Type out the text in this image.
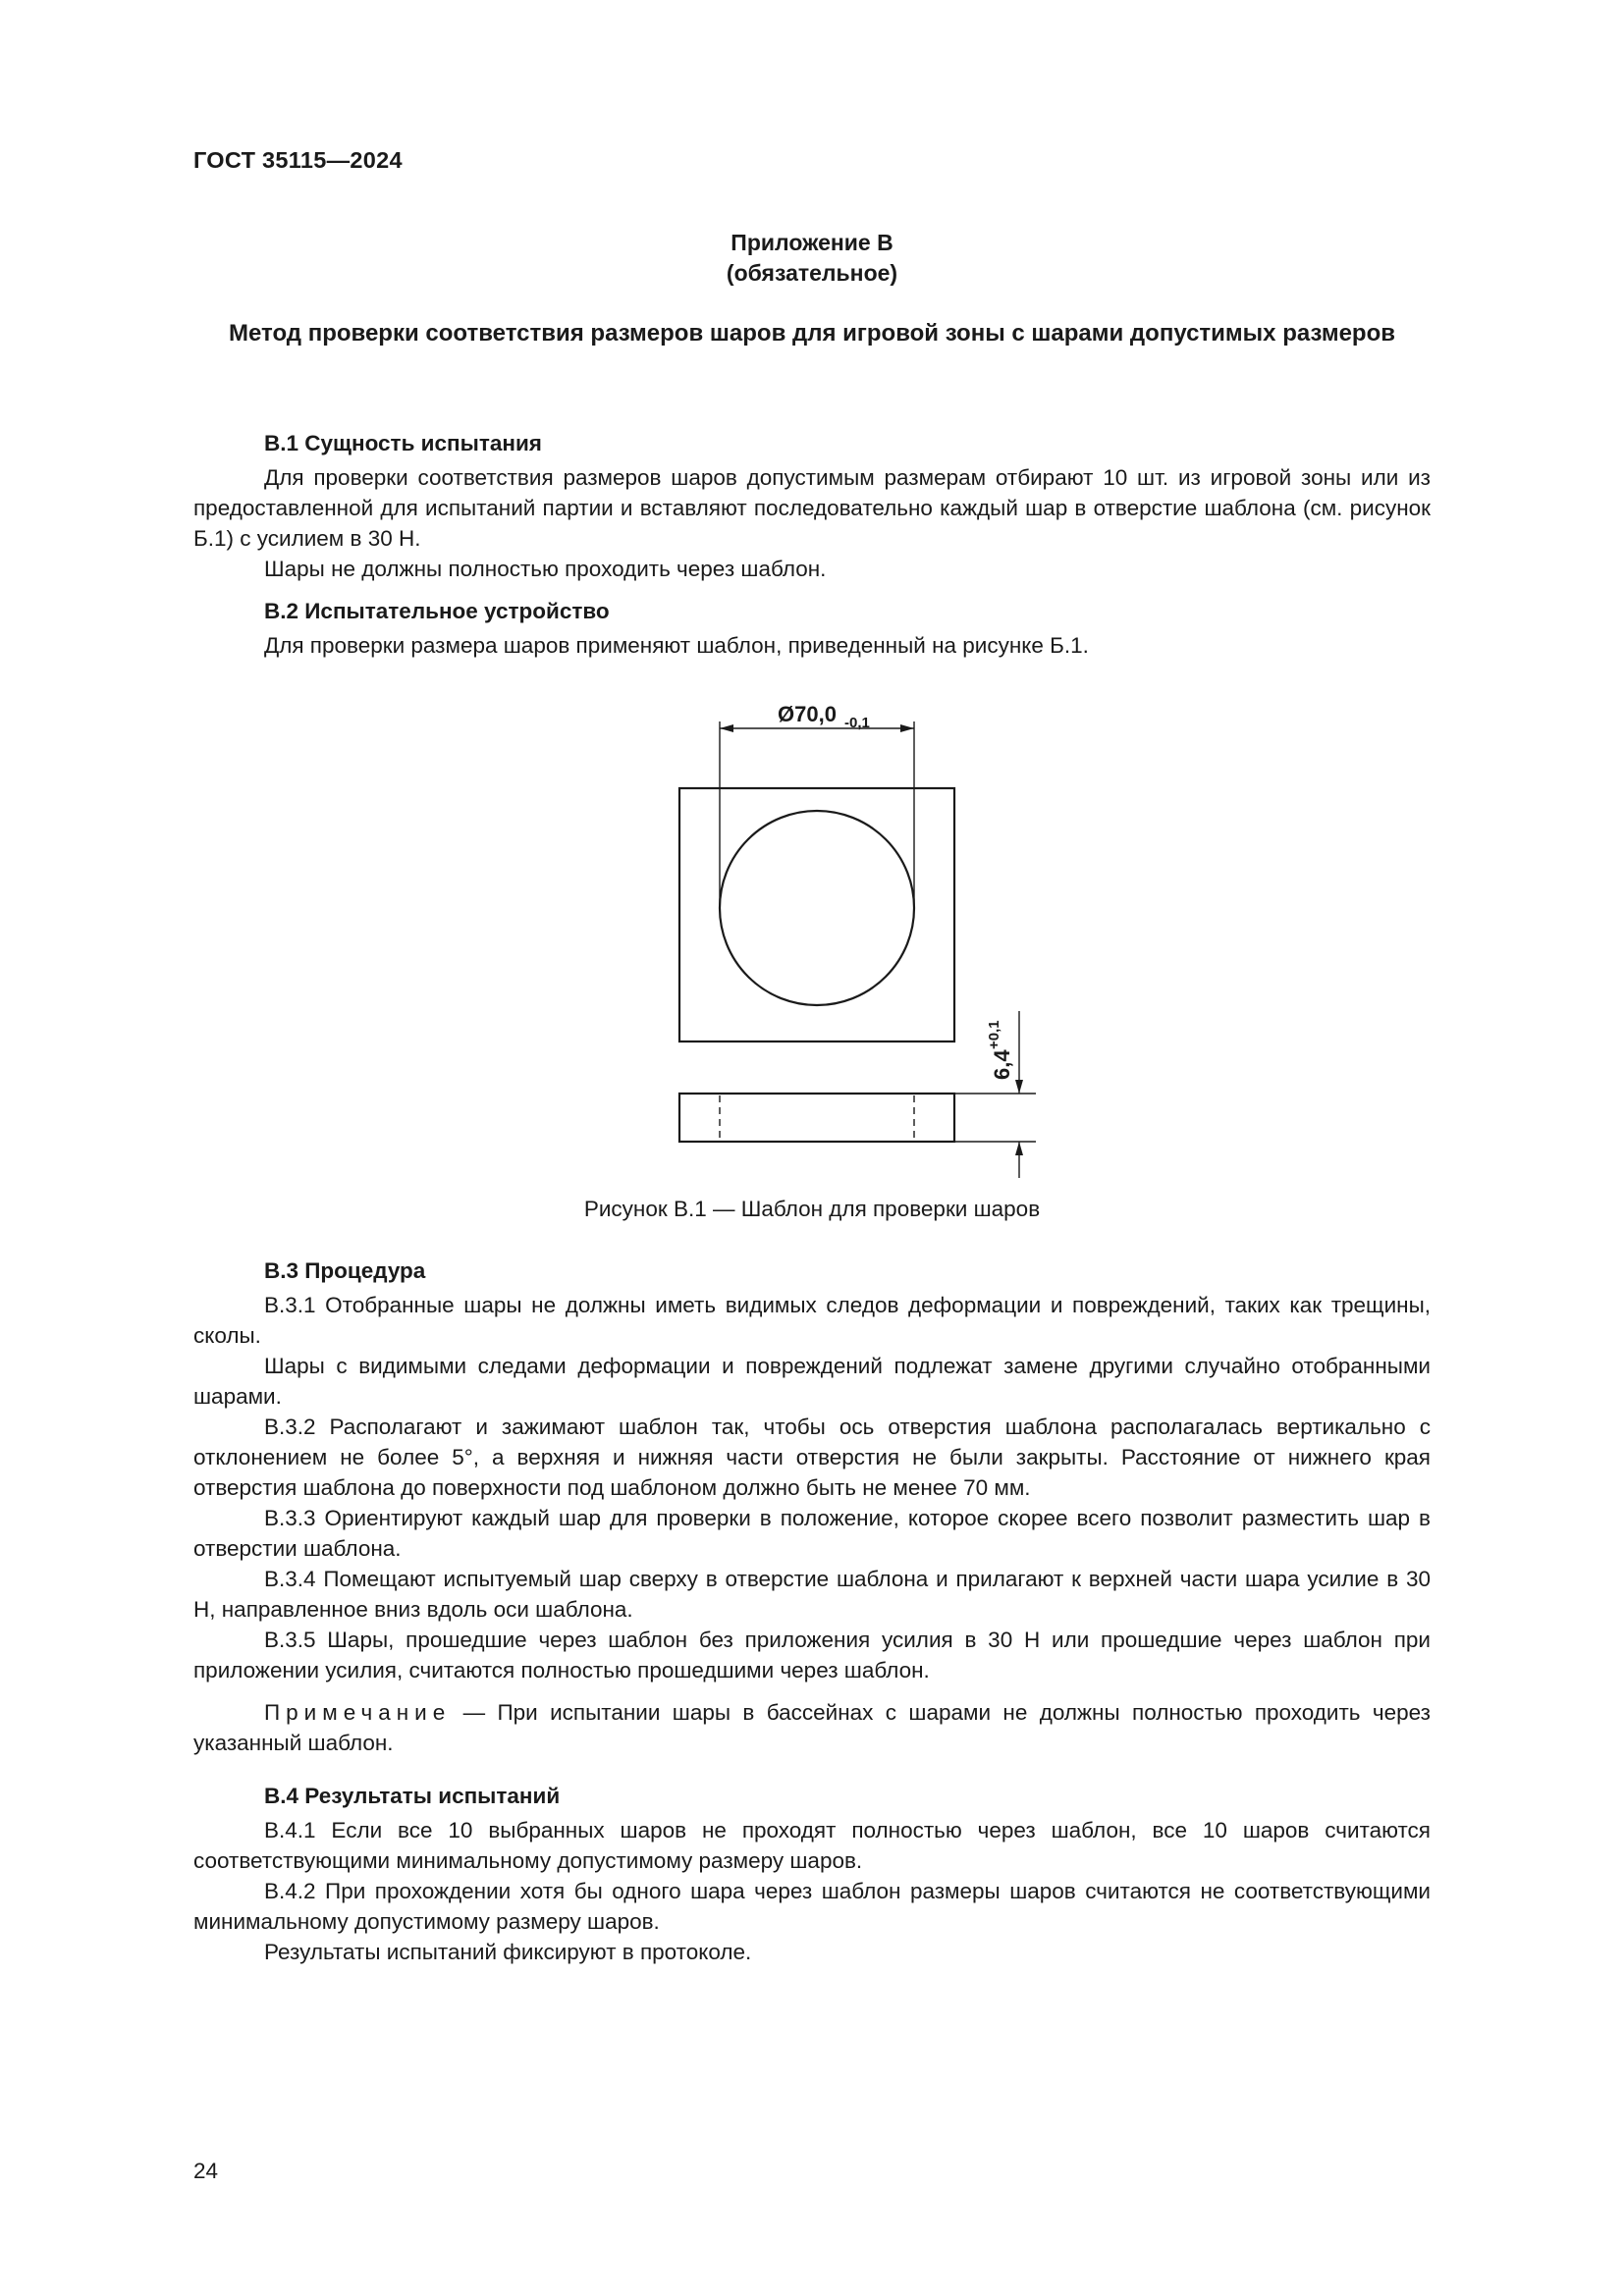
ГОСТ 35115—2024
Приложение В
(обязательное)
Метод проверки соответствия размеров шаров для игровой зоны с шарами допустимых размеров

В.1 Сущность испытания

Для проверки соответствия размеров шаров допустимым размерам отбирают 10 шт. из игровой зоны или из предоставленной для испытаний партии и вставляют последовательно каждый шар в отверстие шаблона (см. рисунок Б.1) с усилием в 30 Н.

Шары не должны полностью проходить через шаблон.

В.2 Испытательное устройство

Для проверки размера шаров применяют шаблон, приведенный на рисунке Б.1.

Ø70,0 -0,1
6,4
+0,1
Рисунок В.1 — Шаблон для проверки шаров

В.3 Процедура

В.3.1 Отобранные шары не должны иметь видимых следов деформации и повреждений, таких как трещины, сколы.

Шары с видимыми следами деформации и повреждений подлежат замене другими случайно отобранными шарами.

В.3.2 Располагают и зажимают шаблон так, чтобы ось отверстия шаблона располагалась вертикально с отклонением не более 5°, а верхняя и нижняя части отверстия не были закрыты. Расстояние от нижнего края отверстия шаблона до поверхности под шаблоном должно быть не менее 70 мм.

В.3.3 Ориентируют каждый шар для проверки в положение, которое скорее всего позволит разместить шар в отверстии шаблона.

В.3.4 Помещают испытуемый шар сверху в отверстие шаблона и прилагают к верхней части шара усилие в 30 Н, направленное вниз вдоль оси шаблона.

В.3.5 Шары, прошедшие через шаблон без приложения усилия в 30 Н или прошедшие через шаблон при приложении усилия, считаются полностью прошедшими через шаблон.

Примечание — При испытании шары в бассейнах с шарами не должны полностью проходить через указанный шаблон.

В.4 Результаты испытаний

В.4.1 Если все 10 выбранных шаров не проходят полностью через шаблон, все 10 шаров считаются соответствующими минимальному допустимому размеру шаров.

В.4.2 При прохождении хотя бы одного шара через шаблон размеры шаров считаются не соответствующими минимальному допустимому размеру шаров.

Результаты испытаний фиксируют в протоколе.

24
